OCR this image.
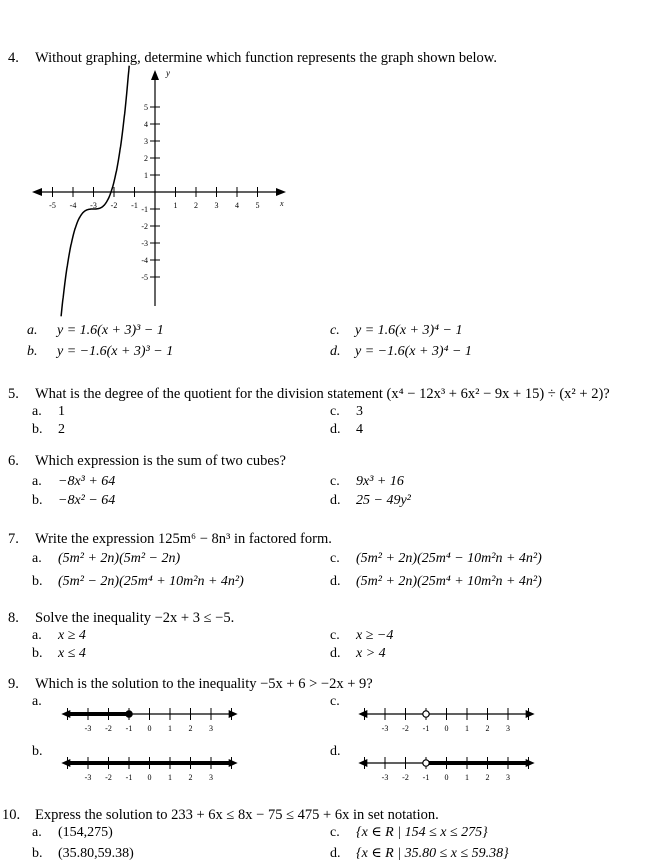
4. Without graphing, determine which function represents the graph shown below.
y
x
-5 -4 -3 -2 -1	1 2 3 4 5
5
4
3
2
1
-1
-2
-3
-4
-5
a. y = 1.6(x + 3)³ − 1
b. y = −1.6(x + 3)³ − 1
c. y = 1.6(x + 3)⁴ − 1
d. y = −1.6(x + 3)⁴ − 1
5. What is the degree of the quotient for the division statement (x⁴ − 12x³ + 6x² − 9x + 15) ÷ (x² + 2)?
a. 1
b. 2
c. 3
d. 4
6. Which expression is the sum of two cubes?
a. −8x³ + 64
b. −8x² − 64
c. 9x³ + 16
d. 25 − 49y²
7. Write the expression 125m⁶ − 8n³ in factored form.
a. (5m² + 2n)(5m² − 2n)
b. (5m² − 2n)(25m⁴ + 10m²n + 4n²)
c. (5m² + 2n)(25m⁴ − 10m²n + 4n²)
d. (5m² + 2n)(25m⁴ + 10m²n + 4n²)
8. Solve the inequality −2x + 3 ≤ −5.
a. x ≥ 4
b. x ≤ 4
c. x ≥ −4
d. x > 4
9. Which is the solution to the inequality −5x + 6 > −2x + 9?
a.
b.
c.
d.
-3 -2 -1 0 1 2 3
-3 -2 -1 0 1 2 3
-3 -2 -1 0 1 2 3
-3 -2 -1 0 1 2 3
10. Express the solution to 233 + 6x ≤ 8x − 75 ≤ 475 + 6x in set notation.
a. (154,275)
b. (35.80,59.38)
c. {x ∈ R | 154 ≤ x ≤ 275}
d. {x ∈ R | 35.80 ≤ x ≤ 59.38}
